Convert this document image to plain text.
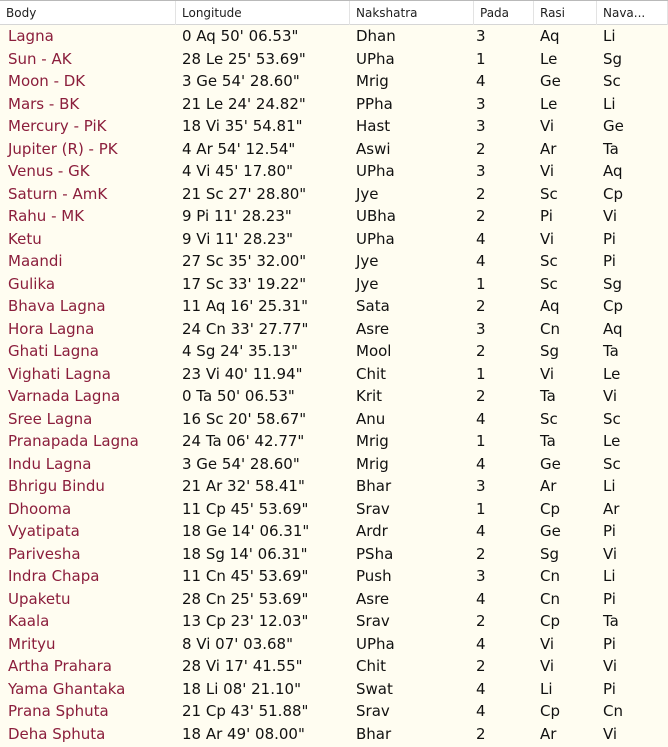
Body	Longitude	Nakshatra	Pada	Rasi	Nava...
Lagna	0 Aq 50' 06.53"	Dhan	3	Aq	Li
Sun - AK	28 Le 25' 53.69"	UPha	1	Le	Sg
Moon - DK	3 Ge 54' 28.60"	Mrig	4	Ge	Sc
Mars - BK	21 Le 24' 24.82"	PPha	3	Le	Li
Mercury - PiK	18 Vi 35' 54.81"	Hast	3	Vi	Ge
Jupiter (R) - PK	4 Ar 54' 12.54"	Aswi	2	Ar	Ta
Venus - GK	4 Vi 45' 17.80"	UPha	3	Vi	Aq
Saturn - AmK	21 Sc 27' 28.80"	Jye	2	Sc	Cp
Rahu - MK	9 Pi 11' 28.23"	UBha	2	Pi	Vi
Ketu	9 Vi 11' 28.23"	UPha	4	Vi	Pi
Maandi	27 Sc 35' 32.00"	Jye	4	Sc	Pi
Gulika	17 Sc 33' 19.22"	Jye	1	Sc	Sg
Bhava Lagna	11 Aq 16' 25.31"	Sata	2	Aq	Cp
Hora Lagna	24 Cn 33' 27.77"	Asre	3	Cn	Aq
Ghati Lagna	4 Sg 24' 35.13"	Mool	2	Sg	Ta
Vighati Lagna	23 Vi 40' 11.94"	Chit	1	Vi	Le
Varnada Lagna	0 Ta 50' 06.53"	Krit	2	Ta	Vi
Sree Lagna	16 Sc 20' 58.67"	Anu	4	Sc	Sc
Pranapada Lagna	24 Ta 06' 42.77"	Mrig	1	Ta	Le
Indu Lagna	3 Ge 54' 28.60"	Mrig	4	Ge	Sc
Bhrigu Bindu	21 Ar 32' 58.41"	Bhar	3	Ar	Li
Dhooma	11 Cp 45' 53.69"	Srav	1	Cp	Ar
Vyatipata	18 Ge 14' 06.31"	Ardr	4	Ge	Pi
Parivesha	18 Sg 14' 06.31"	PSha	2	Sg	Vi
Indra Chapa	11 Cn 45' 53.69"	Push	3	Cn	Li
Upaketu	28 Cn 25' 53.69"	Asre	4	Cn	Pi
Kaala	13 Cp 23' 12.03"	Srav	2	Cp	Ta
Mrityu	8 Vi 07' 03.68"	UPha	4	Vi	Pi
Artha Prahara	28 Vi 17' 41.55"	Chit	2	Vi	Vi
Yama Ghantaka	18 Li 08' 21.10"	Swat	4	Li	Pi
Prana Sphuta	21 Cp 43' 51.88"	Srav	4	Cp	Cn
Deha Sphuta	18 Ar 49' 08.00"	Bhar	2	Ar	Vi
